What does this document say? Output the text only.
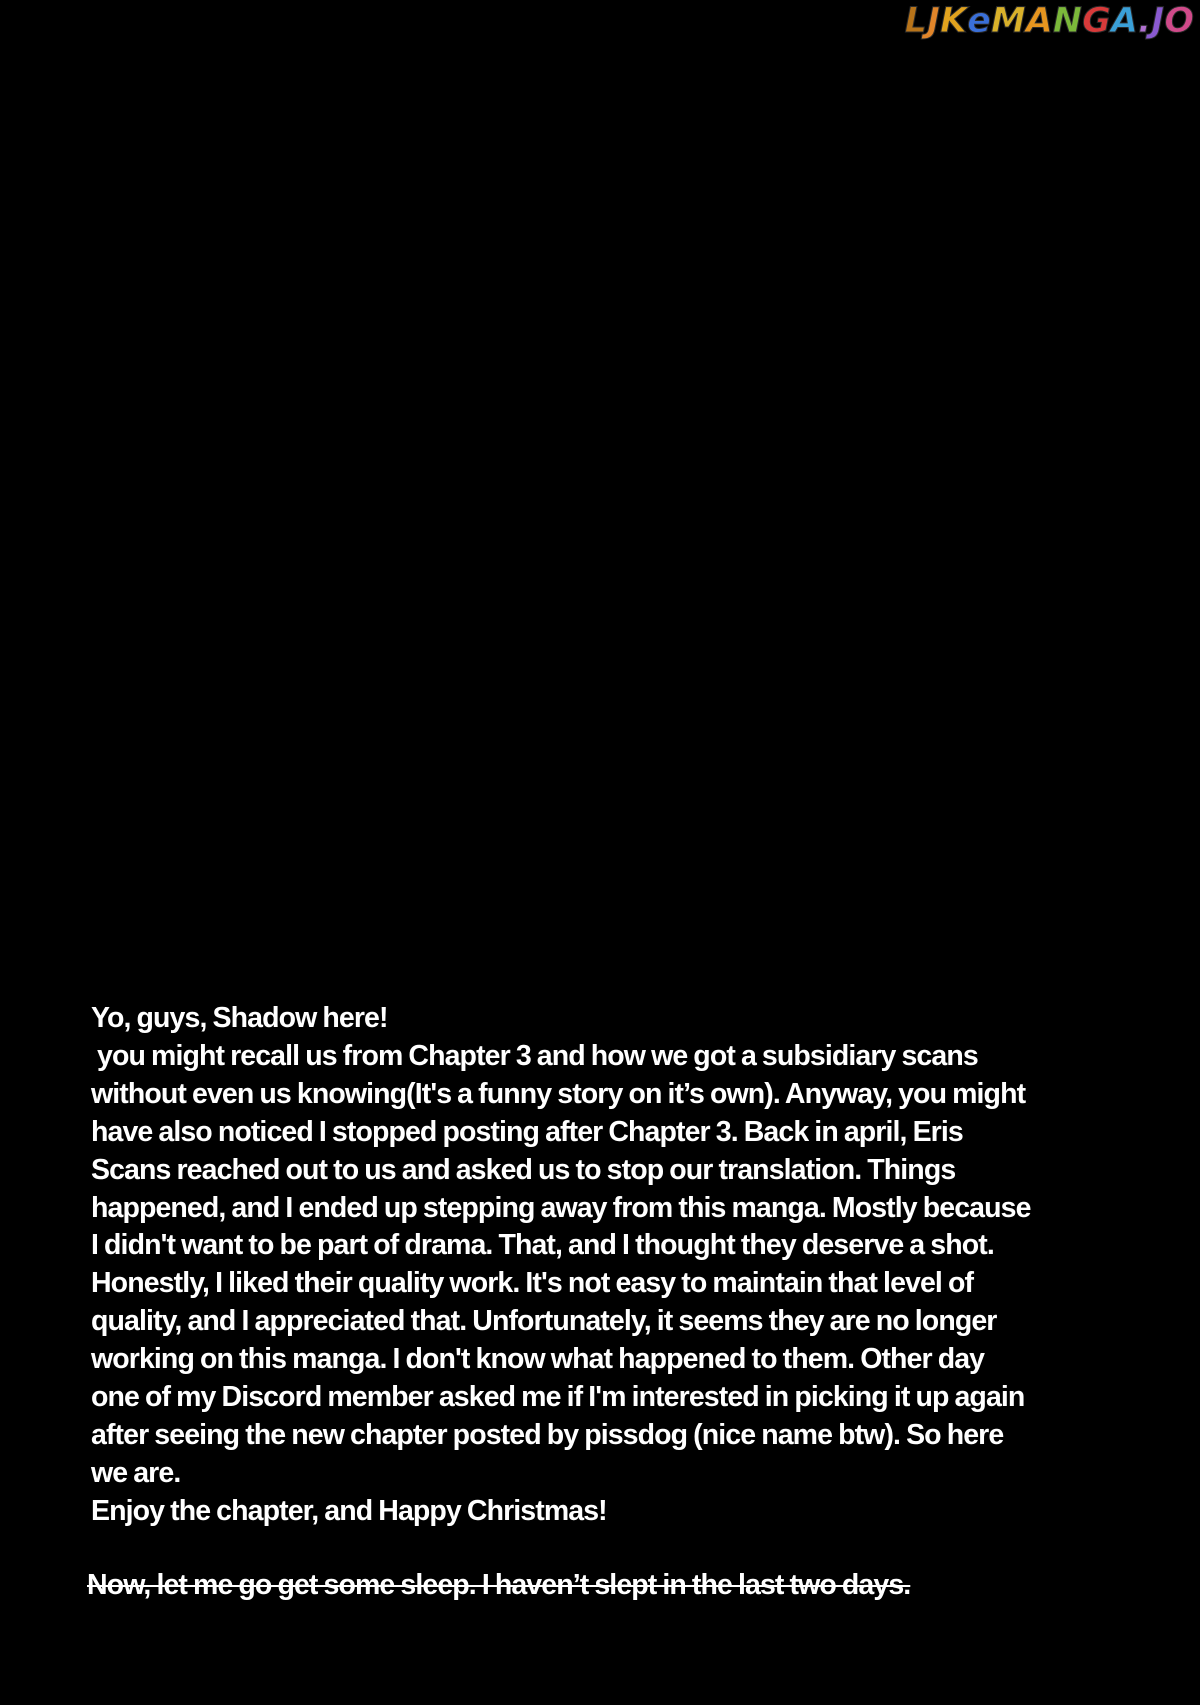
LJKeMANGA.JO

Yo, guys, Shadow here!

you might recall us from Chapter 3 and how we got a subsidiary scans

without even us knowing(It's a funny story on it’s own). Anyway, you might

have also noticed I stopped posting after Chapter 3. Back in april, Eris

Scans reached out to us and asked us to stop our translation. Things

happened, and I ended up stepping away from this manga. Mostly because

I didn't want to be part of drama. That, and I thought they deserve a shot.

Honestly, I liked their quality work. It's not easy to maintain that level of

quality, and I appreciated that. Unfortunately, it seems they are no longer

working on this manga. I don't know what happened to them. Other day

one of my Discord member asked me if I'm interested in picking it up again

after seeing the new chapter posted by pissdog (nice name btw). So here

we are.

Enjoy the chapter, and Happy Christmas!

Now, let me go get some sleep. I haven’t slept in the last two days.
